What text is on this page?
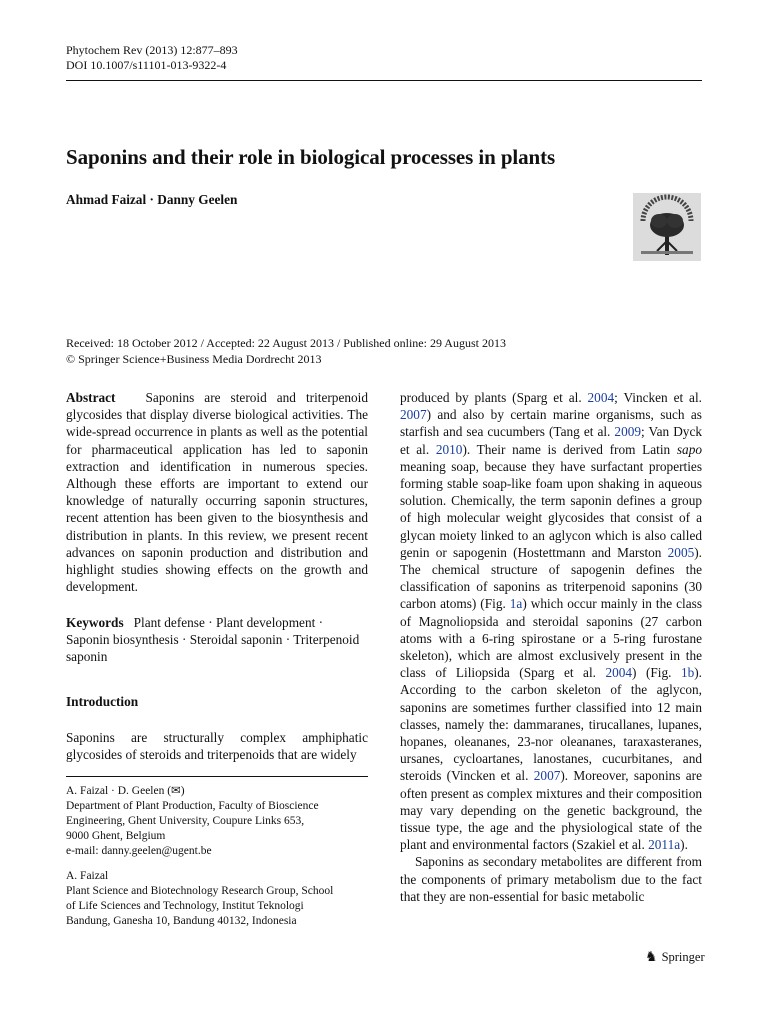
Phytochem Rev (2013) 12:877–893
DOI 10.1007/s11101-013-9322-4
Saponins and their role in biological processes in plants
Ahmad Faizal · Danny Geelen
Received: 18 October 2012 / Accepted: 22 August 2013 / Published online: 29 August 2013
© Springer Science+Business Media Dordrecht 2013

Abstract Saponins are steroid and triterpenoid glycosides that display diverse biological activities. The wide-spread occurrence in plants as well as the potential for pharmaceutical application has led to saponin extraction and identification in numerous species. Although these efforts are important to extend our knowledge of naturally occurring saponin structures, recent attention has been given to the biosynthesis and distribution in plants. In this review, we present recent advances on saponin production and distribution and highlight studies showing effects on the growth and development.

Keywords Plant defense · Plant development · Saponin biosynthesis · Steroidal saponin · Triterpenoid saponin

Introduction

Saponins are structurally complex amphiphatic glycosides of steroids and triterpenoids that are widely

A. Faizal · D. Geelen (✉)
Department of Plant Production, Faculty of Bioscience
Engineering, Ghent University, Coupure Links 653,
9000 Ghent, Belgium
e-mail: danny.geelen@ugent.be
A. Faizal
Plant Science and Biotechnology Research Group, School
of Life Sciences and Technology, Institut Teknologi
Bandung, Ganesha 10, Bandung 40132, Indonesia

produced by plants (Sparg et al. 2004; Vincken et al. 2007) and also by certain marine organisms, such as starfish and sea cucumbers (Tang et al. 2009; Van Dyck et al. 2010). Their name is derived from Latin sapo meaning soap, because they have surfactant properties forming stable soap-like foam upon shaking in aqueous solution. Chemically, the term saponin defines a group of high molecular weight glycosides that consist of a glycan moiety linked to an aglycon which is also called genin or sapogenin (Hostettmann and Marston 2005). The chemical structure of sapogenin defines the classification of saponins as triterpenoid saponins (30 carbon atoms) (Fig. 1a) which occur mainly in the class of Magnoliopsida and steroidal saponins (27 carbon atoms with a 6-ring spirostane or a 5-ring furostane skeleton), which are almost exclusively present in the class of Liliopsida (Sparg et al. 2004) (Fig. 1b). According to the carbon skeleton of the aglycon, saponins are sometimes further classified into 12 main classes, namely the: dammaranes, tirucallanes, lupanes, hopanes, oleananes, 23-nor oleananes, taraxasteranes, ursanes, cycloartanes, lanostanes, cucurbitanes, and steroids (Vincken et al. 2007). Moreover, saponins are often present as complex mixtures and their composition may vary depending on the genetic background, the tissue type, the age and the physiological state of the plant and environmental factors (Szakiel et al. 2011a).

Saponins as secondary metabolites are different from the components of primary metabolism due to the fact that they are non-essential for basic metabolic

♞ Springer
